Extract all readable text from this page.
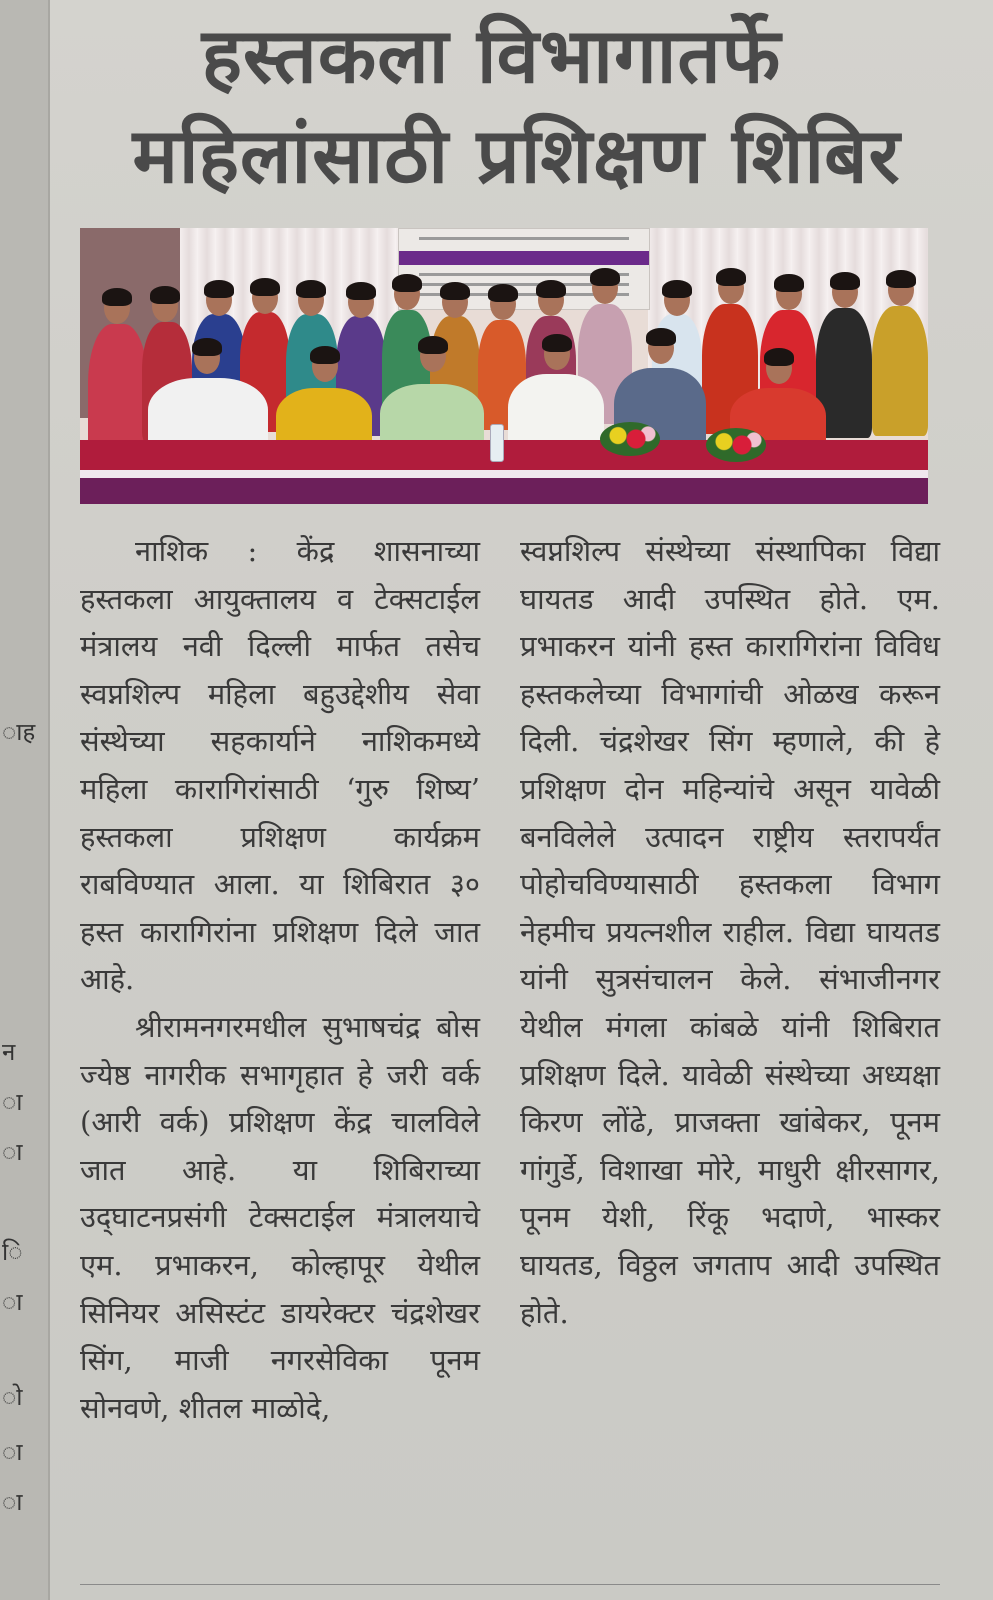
ाह
न
ा
ा
ि
ा
ो
ा
ा
हस्तकला विभागातर्फे
महिलांसाठी प्रशिक्षण शिबिर

नाशिक : केंद्र शासनाच्या हस्तकला आयुक्तालय व टेक्सटाईल मंत्रालय नवी दिल्ली मार्फत तसेच स्वप्नशिल्प महिला बहुउद्देशीय सेवा संस्थेच्या सहकार्याने नाशिकमध्ये महिला कारागिरांसाठी ‘गुरु शिष्य’ हस्तकला प्रशिक्षण कार्यक्रम राबविण्यात आला. या शिबिरात ३० हस्त कारागिरांना प्रशिक्षण दिले जात आहे.

श्रीरामनगरमधील सुभाषचंद्र बोस ज्येष्ठ नागरीक सभागृहात हे जरी वर्क (आरी वर्क) प्रशिक्षण केंद्र चालविले जात आहे. या शिबिराच्या उद्‌घाटनप्रसंगी टेक्सटाईल मंत्रालयाचे एम. प्रभाकरन, कोल्हापूर येथील सिनियर असिस्टंट डायरेक्टर चंद्रशेखर सिंग, माजी नगरसेविका पूनम सोनवणे, शीतल माळोदे,

स्वप्नशिल्प संस्थेच्या संस्थापिका विद्या घायतड आदी उपस्थित होते. एम. प्रभाकरन यांनी हस्त कारागिरांना विविध हस्तकलेच्या विभागांची ओळख करून दिली. चंद्रशेखर सिंग म्हणाले, की हे प्रशिक्षण दोन महिन्यांचे असून यावेळी बनविलेले उत्पादन राष्ट्रीय स्तरापर्यंत पोहोचविण्यासाठी हस्तकला विभाग नेहमीच प्रयत्नशील राहील. विद्या घायतड यांनी सुत्रसंचालन केले. संभाजीनगर येथील मंगला कांबळे यांनी शिबिरात प्रशिक्षण दिले. यावेळी संस्थेच्या अध्यक्षा किरण लोंढे, प्राजक्ता खांबेकर, पूनम गांगुर्डे, विशाखा मोरे, माधुरी क्षीरसागर, पूनम येशी, रिंकू भदाणे, भास्कर घायतड, विठ्ठल जगताप आदी उपस्थित होते.
